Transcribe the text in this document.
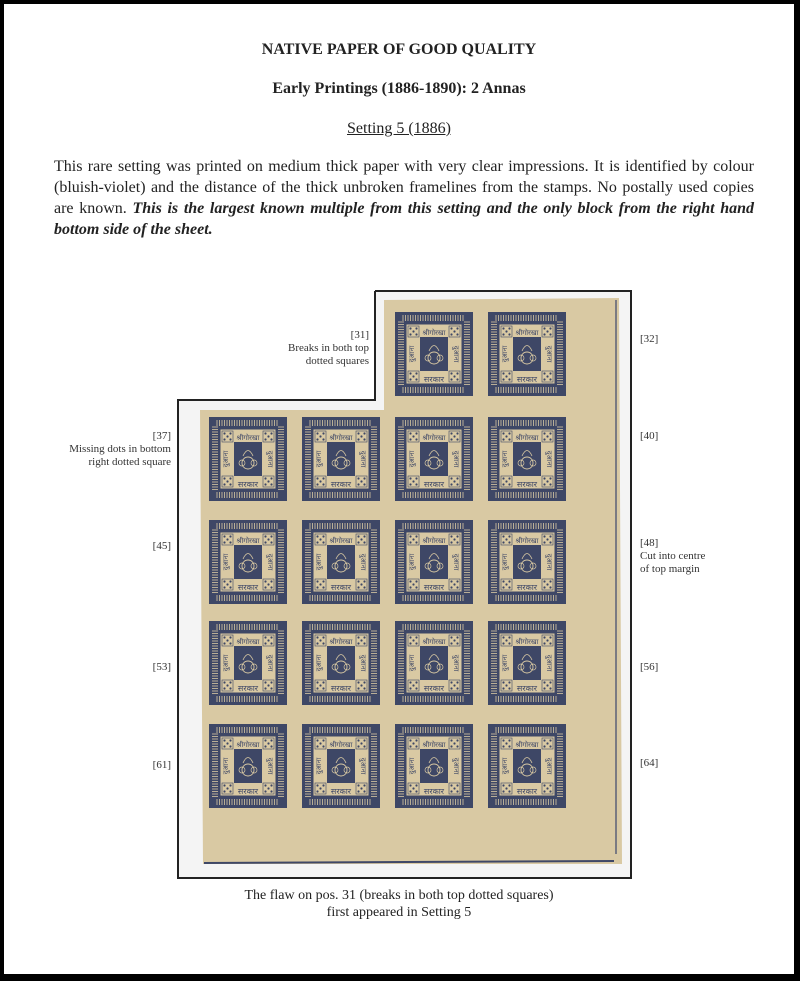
NATIVE PAPER OF GOOD QUALITY
Early Printings (1886-1890): 2 Annas
Setting 5 (1886)
This rare setting was printed on medium thick paper with very clear impressions. It is identified by colour (bluish-violet) and the distance of the thick unbroken framelines from the stamps. No postally used copies are known. This is the largest known multiple from this setting and the only block from the right hand bottom side of the sheet.
श्रीगोरखा
सरकार
दुआना	दुआना
श्रीगोरखा
सरकार
दुआना	दुआना
श्रीगोरखा
सरकार
दुआना	दुआना
श्रीगोरखा
सरकार
दुआना	दुआना
श्रीगोरखा
सरकार
दुआना	दुआना
श्रीगोरखा
सरकार
दुआना	दुआना
श्रीगोरखा
सरकार
दुआना	दुआना
श्रीगोरखा
सरकार
दुआना	दुआना
श्रीगोरखा
सरकार
दुआना	दुआना
श्रीगोरखा
सरकार
दुआना	दुआना
श्रीगोरखा
सरकार
दुआना	दुआना
श्रीगोरखा
सरकार
दुआना	दुआना
श्रीगोरखा
सरकार
दुआना	दुआना
श्रीगोरखा
सरकार
दुआना	दुआना
श्रीगोरखा
सरकार
दुआना	दुआना
श्रीगोरखा
सरकार
दुआना	दुआना
श्रीगोरखा
सरकार
दुआना	दुआना
श्रीगोरखा
सरकार
दुआना	दुआना
[31]
Breaks in both top
dotted squares
[32]
[37]
Missing dots in bottom
right dotted square
[40]
[45]	[48]
Cut into centre
of top margin
[53]	[56]
[61]	[64]
The flaw on pos. 31 (breaks in both top dotted squares)
first appeared in Setting 5
